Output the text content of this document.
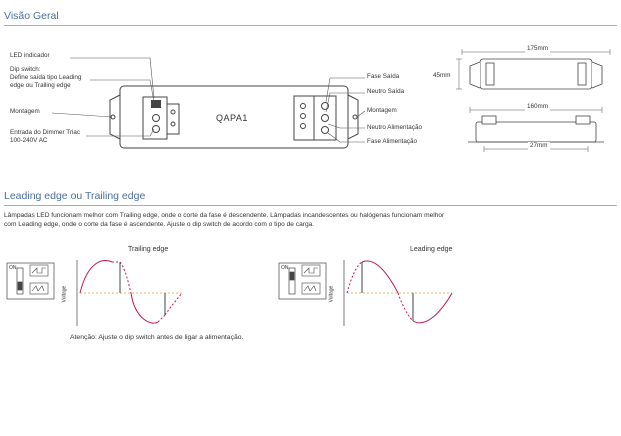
Visão Geral
LED indicador
Dip switch:
Define saída tipo Leading
edge ou Trailing edge
Montagem
Entrada do Dimmer Triac
100-240V AC
QAPA1
Fase Saída
Neutro Saída
Montagem
Neutro Alimentação
Fase Alimentação
175mm
45mm
160mm
27mm
Leading edge ou Trailing edge
Lâmpadas LED funcionam melhor com Trailing edge, onde o corte da fase é descendente. Lâmpadas incandescentes ou halógenas funcionam melhor
com Leading edge, onde o corte da fase é ascendente. Ajuste o dip switch de acordo com o tipo de carga.
Trailing edge	Leading edge
ON	ON
Voltage	Voltage
Atenção: Ajuste o dip switch antes de ligar a alimentação.
